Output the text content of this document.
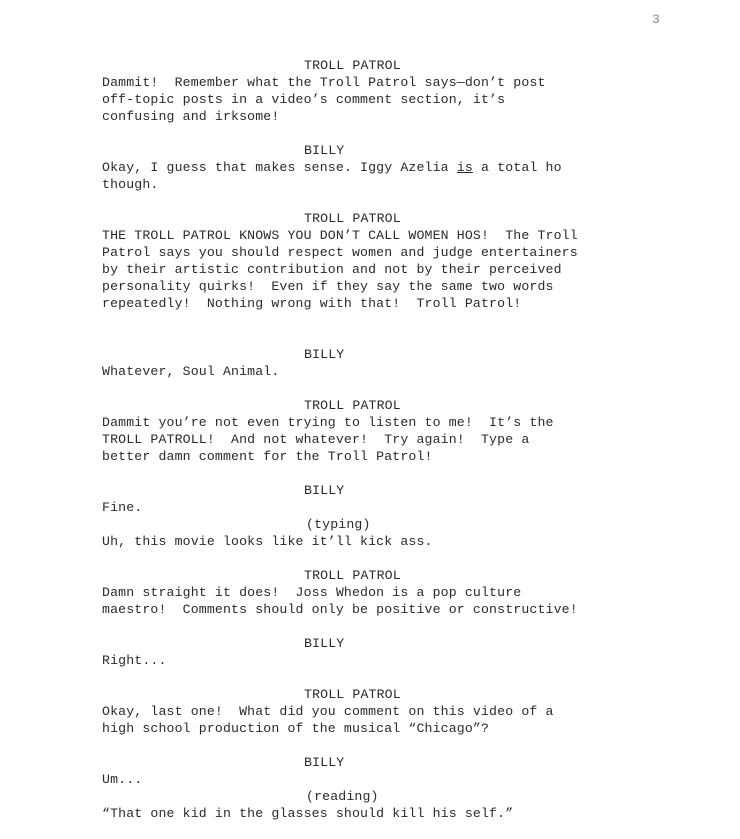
3
TROLL PATROL
Dammit!  Remember what the Troll Patrol says—don’t post
off-topic posts in a video’s comment section, it’s
confusing and irksome!
BILLY
Okay, I guess that makes sense. Iggy Azelia is a total ho
though.
TROLL PATROL
THE TROLL PATROL KNOWS YOU DON’T CALL WOMEN HOS!  The Troll
Patrol says you should respect women and judge entertainers
by their artistic contribution and not by their perceived
personality quirks!  Even if they say the same two words
repeatedly!  Nothing wrong with that!  Troll Patrol!
BILLY
Whatever, Soul Animal.
TROLL PATROL
Dammit you’re not even trying to listen to me!  It’s the
TROLL PATROLL!  And not whatever!  Try again!  Type a
better damn comment for the Troll Patrol!
BILLY
Fine.
(typing)
Uh, this movie looks like it’ll kick ass.
TROLL PATROL
Damn straight it does!  Joss Whedon is a pop culture
maestro!  Comments should only be positive or constructive!
BILLY
Right...
TROLL PATROL
Okay, last one!  What did you comment on this video of a
high school production of the musical “Chicago”?
BILLY
Um...
(reading)
“That one kid in the glasses should kill his self.”
